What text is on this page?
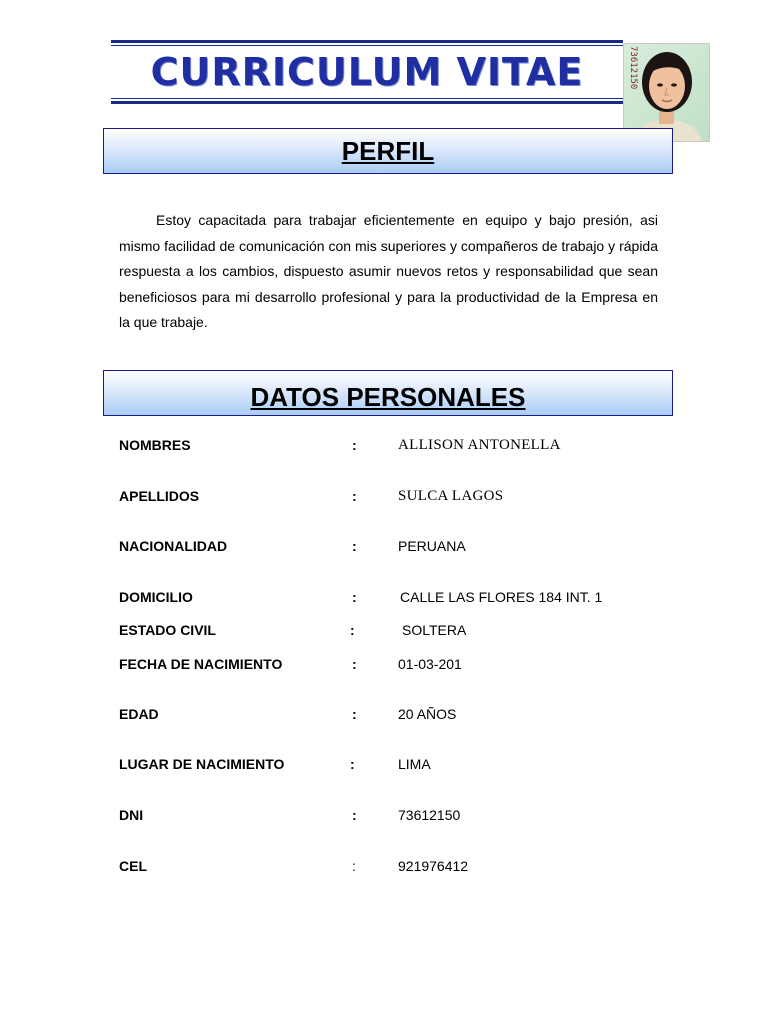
CURRICULUM VITAE	73612150
PERFIL
Estoy capacitada para trabajar eficientemente en equipo y bajo presión, asi mismo facilidad de comunicación con mis superiores y compañeros de trabajo y rápida respuesta a los cambios, dispuesto asumir nuevos retos y responsabilidad que sean beneficiosos para mi desarrollo profesional y para la productividad de la Empresa en la que trabaje.
DATOS PERSONALES
NOMBRES	:	ALLISON ANTONELLA
APELLIDOS	:	SULCA LAGOS
NACIONALIDAD	:	PERUANA
DOMICILIO	:	CALLE LAS FLORES 184 INT. 1
ESTADO CIVIL	:	SOLTERA
FECHA DE NACIMIENTO	:	01-03-201
EDAD	:	20 AÑOS
LUGAR DE NACIMIENTO	:	LIMA
DNI	:	73612150
CEL	:	921976412
